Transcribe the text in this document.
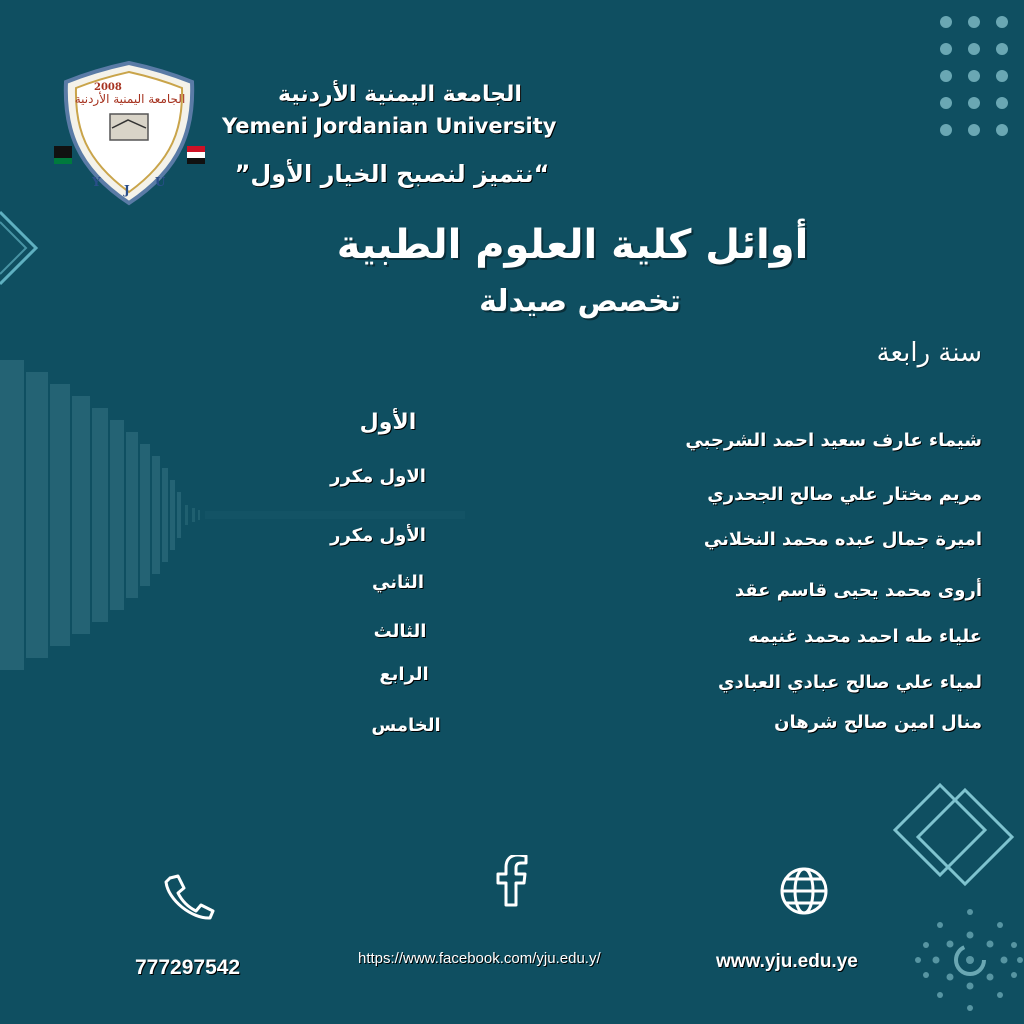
2008
الجامعة اليمنية الأردنية
Y
J
U
الجامعة اليمنية الأردنية
Yemeni Jordanian University
“نتميز لنصبح الخيار الأول”
أوائل كلية العلوم الطبية
تخصص صيدلة
سنة رابعة
شيماء عارف سعيد احمد الشرجبي
مريم مختار علي صالح الجحدري
اميرة جمال عبده محمد النخلاني
أروى محمد يحيى قاسم عقد
علياء طه احمد محمد غنيمه
لمياء علي صالح عبادي العبادي
منال امين صالح شرهان
الأول
الاول مكرر
الأول مكرر
الثاني
الثالث
الرابع
الخامس
777297542	https://www.facebook.com/yju.edu.y/	www.yju.edu.ye
